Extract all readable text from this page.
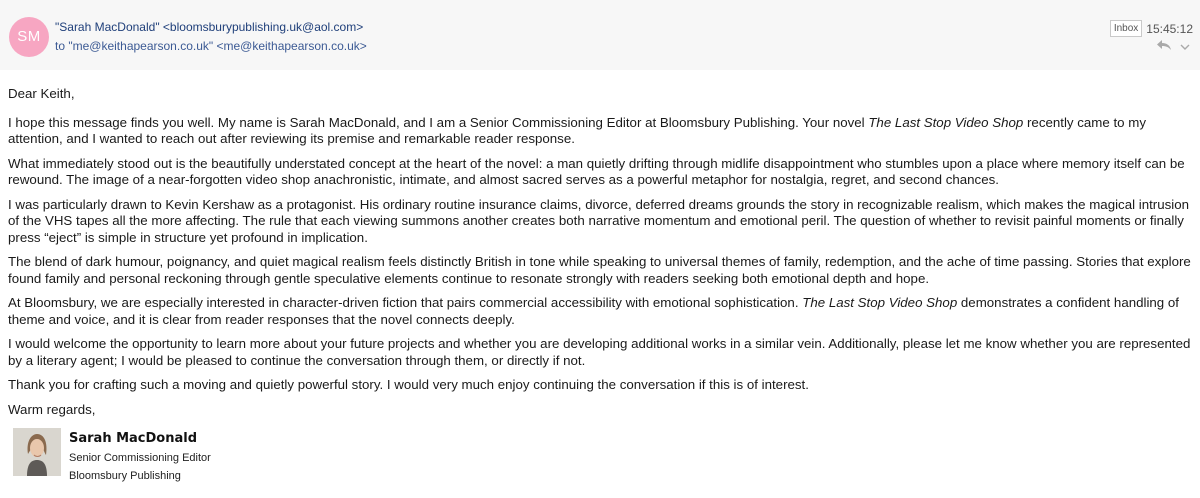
SM
"Sarah MacDonald" <bloomsburypublishing.uk@aol.com>
to "me@keithapearson.co.uk" <me@keithapearson.co.uk>
Inbox 15:45:12

Dear Keith,

I hope this message finds you well. My name is Sarah MacDonald, and I am a Senior Commissioning Editor at Bloomsbury Publishing. Your novel The Last Stop Video Shop recently came to my attention, and I wanted to reach out after reviewing its premise and remarkable reader response.

What immediately stood out is the beautifully understated concept at the heart of the novel: a man quietly drifting through midlife disappointment who stumbles upon a place where memory itself can be rewound. The image of a near-forgotten video shop anachronistic, intimate, and almost sacred serves as a powerful metaphor for nostalgia, regret, and second chances.

I was particularly drawn to Kevin Kershaw as a protagonist. His ordinary routine insurance claims, divorce, deferred dreams grounds the story in recognizable realism, which makes the magical intrusion of the VHS tapes all the more affecting. The rule that each viewing summons another creates both narrative momentum and emotional peril. The question of whether to revisit painful moments or finally press “eject” is simple in structure yet profound in implication.

The blend of dark humour, poignancy, and quiet magical realism feels distinctly British in tone while speaking to universal themes of family, redemption, and the ache of time passing. Stories that explore found family and personal reckoning through gentle speculative elements continue to resonate strongly with readers seeking both emotional depth and hope.

At Bloomsbury, we are especially interested in character-driven fiction that pairs commercial accessibility with emotional sophistication. The Last Stop Video Shop demonstrates a confident handling of theme and voice, and it is clear from reader responses that the novel connects deeply.

I would welcome the opportunity to learn more about your future projects and whether you are developing additional works in a similar vein. Additionally, please let me know whether you are represented by a literary agent; I would be pleased to continue the conversation through them, or directly if not.

Thank you for crafting such a moving and quietly powerful story. I would very much enjoy continuing the conversation if this is of interest.

Warm regards,

Sarah MacDonald
Senior Commissioning Editor
Bloomsbury Publishing
